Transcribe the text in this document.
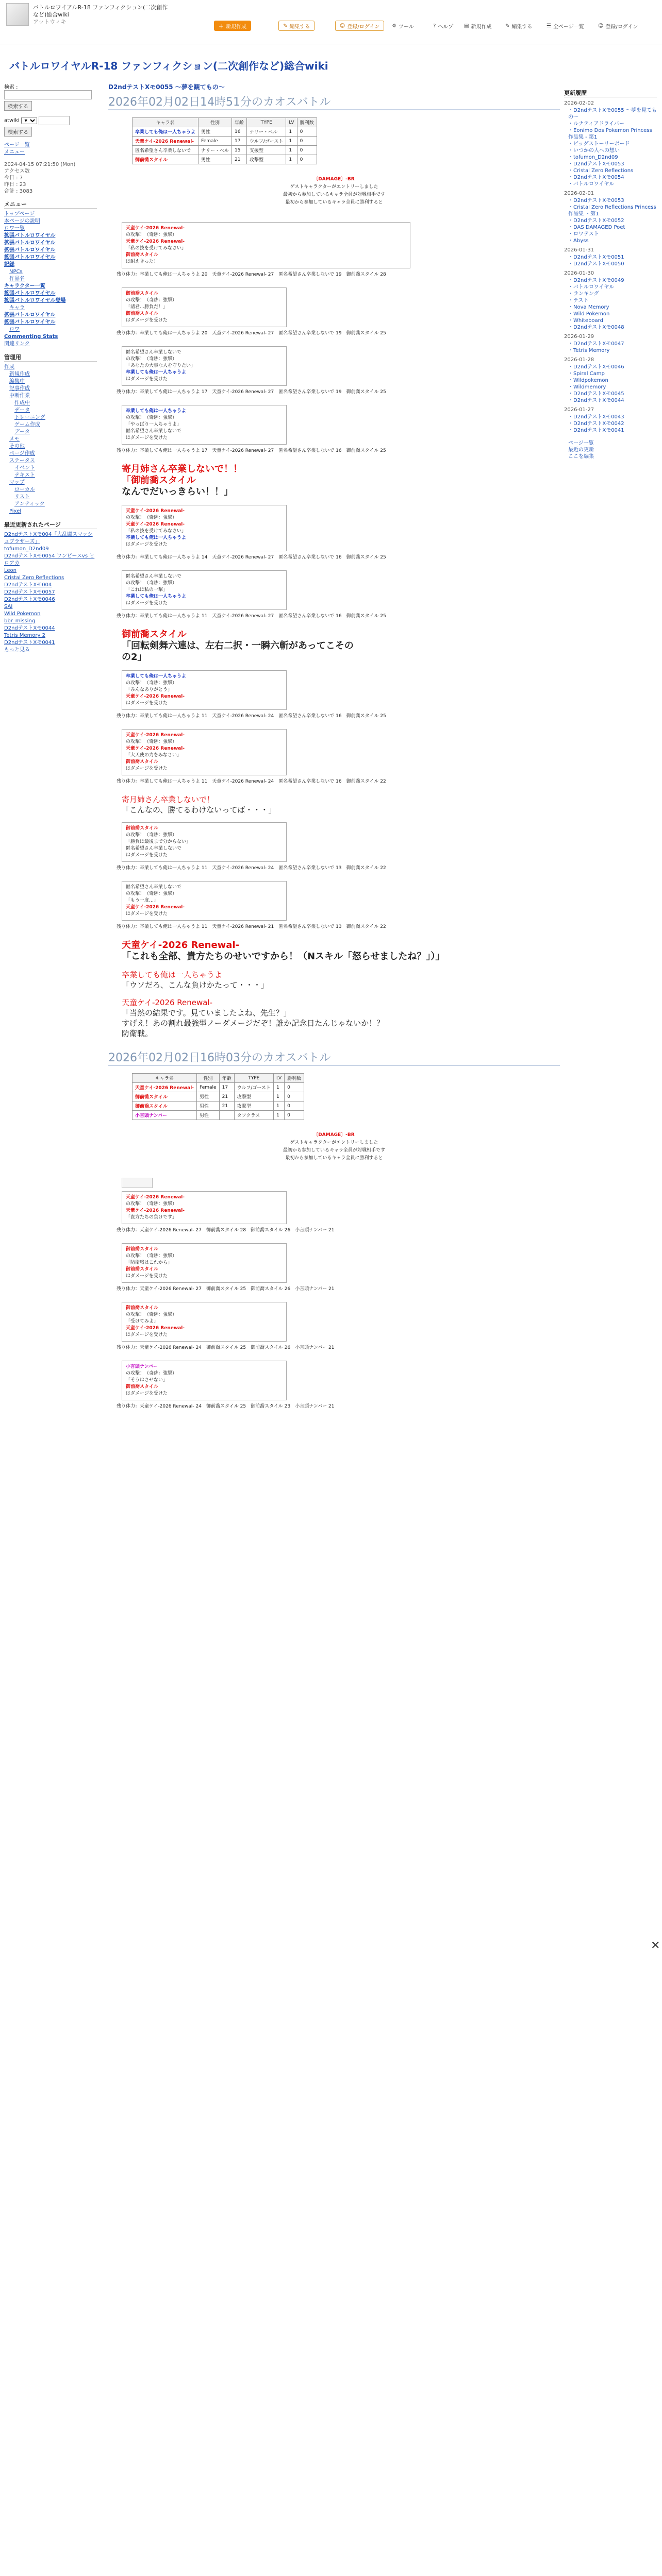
バトルロワイアルR-18 ファンフィクション(二次創作
など)総合wiki
アットウィキ
＋ 新規作成	✎ 編集する	☺ 登録/ログイン ⚙ ツール	? ヘルプ ▤ 新規作成	✎ 編集する	☰ 全ページ一覧	☺ 登録/ログイン
バトルロワイヤルR-18 ファンフィクション(二次創作など)総合wiki
検索 :
検索する
atwiki
▼  検索する
ページ一覧
メニュー
2024-04-15 07:21:50 (Mon)
アクセス数
今日 : 7
昨日 : 23
合計 : 3083
メニュー
トップページ
本ページの説明
ロワ一覧
拡張バトルロワイヤル
拡張バトルロワイヤル
拡張バトルロワイヤル
拡張バトルロワイヤル
記録
NPCs
作品名
キャラクター一覧
拡張バトルロワイヤル
拡張バトルロワイヤル登場
キャラ
拡張バトルロワイヤル
拡張バトルロワイヤル
ロワ
Commenting Stats
関連リンク
管理用
作成
新規作成
編集中
記事作成
中断作業
作成中
データ
トレーニング
ゲーム作成
データ
メモ
その他
ページ作成
ステータス
イベント
テキスト
マップ
ローカル
リスト
アンティック
Pixel
最近更新されたページ
D2ndテストXモ004「大乱闘スマッシュブラザーズ」
tofumon_D2nd09
D2ndテストXモ0054 ワンピースvs ヒロアカ
Leon
Cristal Zero Reflections
D2ndテストXモ004
D2ndテストXモ0057
D2ndテストXモ0046
SAI
Wild Pokemon
bbr_missing
D2ndテストXモ0044
Tetris Memory 2
D2ndテストXモ0041
もっと見る
更新履歴
2026-02-02
・D2ndテストXモ0055 〜夢を見てもの〜
・ルナティアドライバー
・Eonimo Dos Pokemon Princess 作品集 - 第1
・ビッグストーリーボード
・いつかの人への想い
・tofumon_D2nd09
・D2ndテストXモ0053
・Cristal Zero Reflections
・D2ndテストXモ0054
・バトルロワイヤル
2026-02-01
・D2ndテストXモ0053
・Cristal Zero Reflections Princess 作品集 ・第1
・D2ndテストXモ0052
・DAS DAMAGED Poet
・ロワテスト
・Abyss
2026-01-31
・D2ndテストXモ0051
・D2ndテストXモ0050
2026-01-30
・D2ndテストXモ0049
・バトルロワイヤル
・ランキング
・テスト
・Nova Memory
・Wild Pokemon
・Whiteboard
・D2ndテストXモ0048
2026-01-29
・D2ndテストXモ0047
・Tetris Memory
2026-01-28
・D2ndテストXモ0046
・Spiral Camp
・Wildpokemon
・Wildmemory
・D2ndテストXモ0045
・D2ndテストXモ0044
2026-01-27
・D2ndテストXモ0043
・D2ndテストXモ0042
・D2ndテストXモ0041
ページ一覧
最近の更新
ここを編集
D2ndテストXモ0055 〜夢を観てもの〜
2026年02月02日14時51分のカオスバトル
キャラ名	性別	年齢	TYPE	LV	勝利数
卒業しても俺は一人ちゃうよ	男性	16	ナリー・ベル	1	0
天童ケイ-2026 Renewal-	Female	17	ウルフ/ゴースト	1	0
匿名希望さん卒業しないで	ナリー・ベル	15	支援型	1	0
御前喬スタイル	男性	21	攻撃型	1	0
〔DAMAGE〕-BR
ゲストキャラクターがエントリーしました
最初から参加しているキャラ全員が対戦相手です
最初から参加しているキャラ全員に勝利すると
天童ケイ-2026 Renewal-
の攻撃！（奇跡：強撃）
天童ケイ-2026 Renewal-
「私の技を受けてみなさい」
御前喬スタイル
は耐えきった！
残り体力：卒業しても俺は一人ちゃうよ 20　天童ケイ-2026 Renewal- 27　匿名希望さん卒業しないで 19　御前喬スタイル 28
御前喬スタイル
の攻撃！（奇跡：強撃）
「諸君…勝負だ！」
御前喬スタイル
はダメージを受けた
残り体力：卒業しても俺は一人ちゃうよ 20　天童ケイ-2026 Renewal- 27　匿名希望さん卒業しないで 19　御前喬スタイル 25
匿名希望さん卒業しないで
の攻撃！（奇跡：強撃）
「あなたの大事な人を守りたい」
卒業しても俺は一人ちゃうよ
はダメージを受けた
残り体力：卒業しても俺は一人ちゃうよ 17　天童ケイ-2026 Renewal- 27　匿名希望さん卒業しないで 19　御前喬スタイル 25
卒業しても俺は一人ちゃうよ
の攻撃！（奇跡：強撃）
「やっぱり一人ちゃうよ」
匿名希望さん卒業しないで
はダメージを受けた
残り体力：卒業しても俺は一人ちゃうよ 17　天童ケイ-2026 Renewal- 27　匿名希望さん卒業しないで 16　御前喬スタイル 25
寄月姉さん卒業しないで！！
「御前喬スタイル
なんでだいっきらい！！」
天童ケイ-2026 Renewal-
の攻撃！（奇跡：強撃）
天童ケイ-2026 Renewal-
「私の技を受けてみなさい」
卒業しても俺は一人ちゃうよ
はダメージを受けた
残り体力：卒業しても俺は一人ちゃうよ 14　天童ケイ-2026 Renewal- 27　匿名希望さん卒業しないで 16　御前喬スタイル 25
匿名希望さん卒業しないで
の攻撃！（奇跡：強撃）
「これは私の一撃」
卒業しても俺は一人ちゃうよ
はダメージを受けた
残り体力：卒業しても俺は一人ちゃうよ 11　天童ケイ-2026 Renewal- 27　匿名希望さん卒業しないで 16　御前喬スタイル 25
御前喬スタイル
「回転剣舞六連は、左右二択・一瞬六斬があってこその
の2」
卒業しても俺は一人ちゃうよ
の攻撃！（奇跡：強撃）
「みんなありがとう」
天童ケイ-2026 Renewal-
はダメージを受けた
残り体力：卒業しても俺は一人ちゃうよ 11　天童ケイ-2026 Renewal- 24　匿名希望さん卒業しないで 16　御前喬スタイル 25
天童ケイ-2026 Renewal-
の攻撃！（奇跡：強撃）
天童ケイ-2026 Renewal-
「大天使の力をみなさい」
御前喬スタイル
はダメージを受けた
残り体力：卒業しても俺は一人ちゃうよ 11　天童ケイ-2026 Renewal- 24　匿名希望さん卒業しないで 16　御前喬スタイル 22
寄月姉さん卒業しないで！
「こんなの、勝てるわけないってば・・・」
御前喬スタイル
の攻撃！（奇跡：強撃）
「勝負は最後まで分からない」
匿名希望さん卒業しないで
はダメージを受けた
残り体力：卒業しても俺は一人ちゃうよ 11　天童ケイ-2026 Renewal- 24　匿名希望さん卒業しないで 13　御前喬スタイル 22
匿名希望さん卒業しないで
の攻撃！（奇跡：強撃）
「もう一度…」
天童ケイ-2026 Renewal-
はダメージを受けた
残り体力：卒業しても俺は一人ちゃうよ 11　天童ケイ-2026 Renewal- 21　匿名希望さん卒業しないで 13　御前喬スタイル 22
天童ケイ-2026 Renewal-
「これも全部、貴方たちのせいですから！（Nスキル「怒らせましたね？」）」
卒業しても俺は一人ちゃうよ
「ウソだろ、こんな負けかたって・・・」
天童ケイ-2026 Renewal-
「当然の結果です。見ていましたよね、先生？」
すげえ！あの割れ最強型ノーダメージだぞ！誰か記念日たんじゃないか！？
防衛戦。
2026年02月02日16時03分のカオスバトル
キャラ名	性別	年齢	TYPE	LV	勝利数
天童ケイ-2026 Renewal-	Female	17	ウルフ/ゴースト	1	0
御前喬スタイル	男性	21	攻撃型	1	0
御前喬スタイル	男性	21	攻撃型	1	0
小言頭ナンバー	男性		タフクラス	1	0
〔DAMAGE〕-BR
ゲストキャラクターがエントリーしました
最初から参加しているキャラ全員が対戦相手です
最初から参加しているキャラ全員に勝利すると
天童ケイ-2026 Renewal-
の攻撃！（奇跡：強撃）
天童ケイ-2026 Renewal-
「貴方たちの負けです」
残り体力：天童ケイ-2026 Renewal- 27　御前喬スタイル 28　御前喬スタイル 26　小言頭ナンバー 21
御前喬スタイル
の攻撃！（奇跡：強撃）
「防衛戦はこれから」
御前喬スタイル
はダメージを受けた
残り体力：天童ケイ-2026 Renewal- 27　御前喬スタイル 25　御前喬スタイル 26　小言頭ナンバー 21
御前喬スタイル
の攻撃！（奇跡：強撃）
「受けてみよ」
天童ケイ-2026 Renewal-
はダメージを受けた
残り体力：天童ケイ-2026 Renewal- 24　御前喬スタイル 25　御前喬スタイル 26　小言頭ナンバー 21
小言頭ナンバー
の攻撃！（奇跡：強撃）
「そうはさせない」
御前喬スタイル
はダメージを受けた
残り体力：天童ケイ-2026 Renewal- 24　御前喬スタイル 25　御前喬スタイル 23　小言頭ナンバー 21
✕
